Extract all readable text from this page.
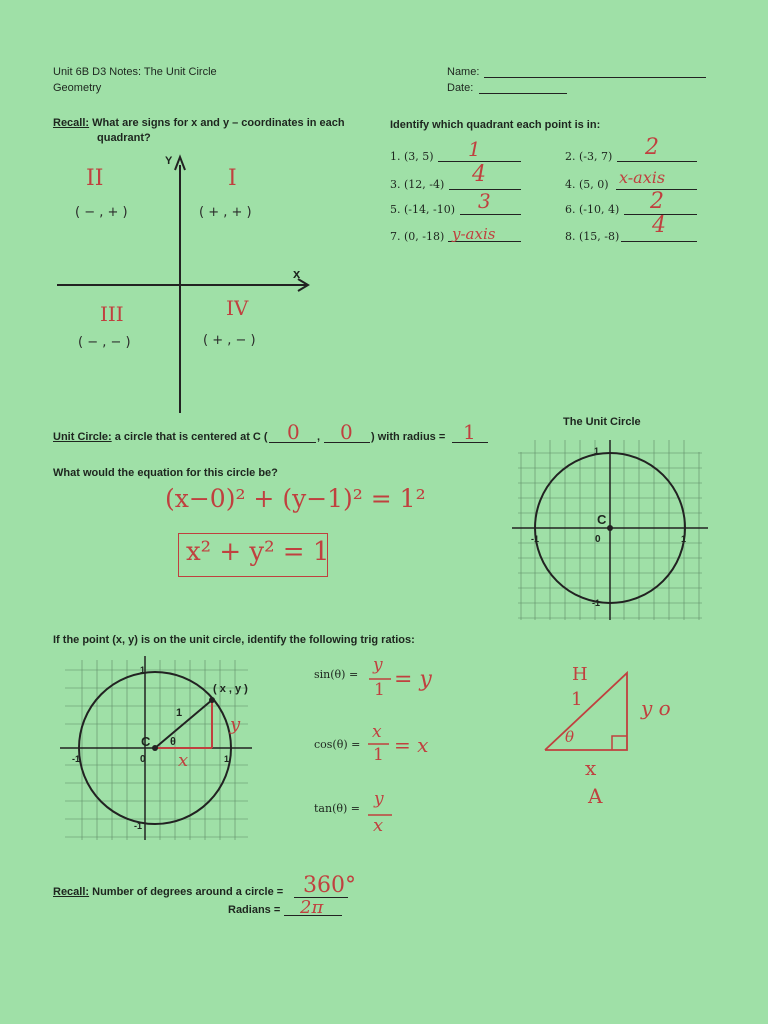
Unit 6B D3 Notes: The Unit Circle
Geometry
Name:
Date:
Recall: What are signs for x and y – coordinates in each
quadrant?
Y
x
II
( − , + )
I
( + , + )
III
( − , − )
IV
( + , − )
Identify which quadrant each point is in:
1. (3, 5) 1	2. (-3, 7) 2
3. (12, -4) 4	4. (5, 0) x-axis
5. (-14, -10) 3	6. (-10, 4) 2
7. (0, -18) y-axis	8. (15, -8) 4
Unit Circle: a circle that is centered at C ( 0 , 0 ) with radius = 1
What would the equation for this circle be?
(x−0)² + (y−1)² = 1²
x² + y² = 1
The Unit Circle
C
0
1
-1
-1	1
If the point (x, y) is on the unit circle, identify the following trig ratios:
( x , y )
1
C θ
0
1
-1
-1	1
x
y
sin(θ) = y
1 = y
cos(θ) =
x
1 = x
tan(θ) = y
x
H
1
θ
y o
x
A
Recall: Number of degrees around a circle = 360°
Radians = 2π
